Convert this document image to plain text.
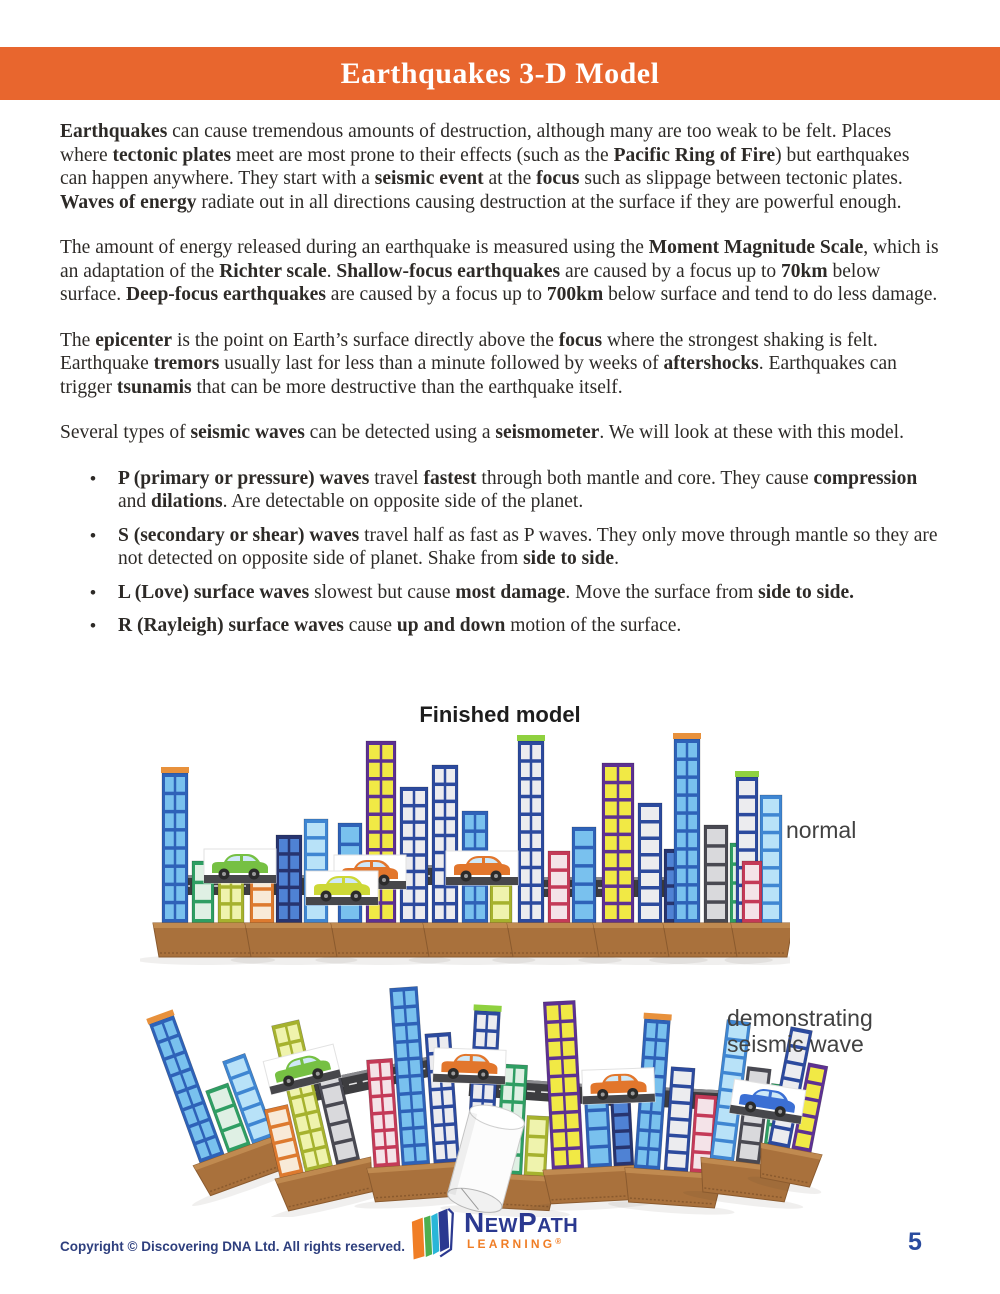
Earthquakes 3-D Model

Earthquakes can cause tremendous amounts of destruction, although many are too weak to be felt. Places where tectonic plates meet are most prone to their effects (such as the Pacific Ring of Fire) but earthquakes can happen anywhere. They start with a seismic event at the focus such as slippage between tectonic plates. Waves of energy radiate out in all directions causing destruction at the surface if they are powerful enough.

The amount of energy released during an earthquake is measured using the Moment Magnitude Scale, which is an adaptation of the Richter scale. Shallow-focus earthquakes are caused by a focus up to 70km below surface. Deep-focus earthquakes are caused by a focus up to 700km below surface and tend to do less damage.

The epicenter is the point on Earth’s surface directly above the focus where the strongest shaking is felt. Earthquake tremors usually last for less than a minute followed by weeks of aftershocks. Earthquakes can trigger tsunamis that can be more destructive than the earthquake itself.

Several types of seismic waves can be detected using a seismometer. We will look at these with this model.

• P (primary or pressure) waves travel fastest through both mantle and core. They cause compression and dilations. Are detectable on opposite side of the planet.
• S (secondary or shear) waves travel half as fast as P waves. They only move through mantle so they are not detected on opposite side of planet. Shake from side to side.
• L (Love) surface waves slowest but cause most damage. Move the surface from side to side.
• R (Rayleigh) surface waves cause up and down motion of the surface.
Finished model
normal
demonstrating
seismic wave
Copyright © Discovering DNA Ltd. All rights reserved.
NewPath
LEARNING®	5
